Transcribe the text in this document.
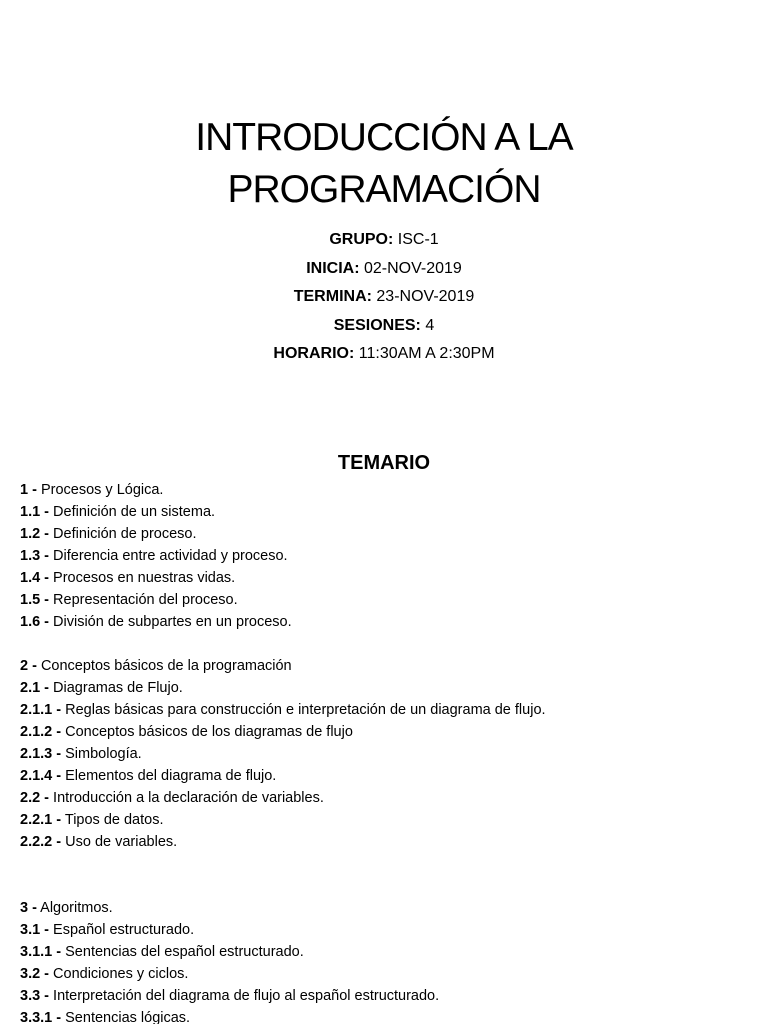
INTRODUCCIÓN A LA
PROGRAMACIÓN
GRUPO: ISC-1
INICIA: 02-NOV-2019
TERMINA: 23-NOV-2019
SESIONES: 4
HORARIO: 11:30AM A 2:30PM
TEMARIO
1 - Procesos y Lógica.
1.1 - Definición de un sistema.
1.2 - Definición de proceso.
1.3 - Diferencia entre actividad y proceso.
1.4 - Procesos en nuestras vidas.
1.5 - Representación del proceso.
1.6 - División de subpartes en un proceso.
2 - Conceptos básicos de la programación
2.1 - Diagramas de Flujo.
2.1.1 - Reglas básicas para construcción e interpretación de un diagrama de flujo.
2.1.2 - Conceptos básicos de los diagramas de flujo
2.1.3 - Simbología.
2.1.4 - Elementos del diagrama de flujo.
2.2 - Introducción a la declaración de variables.
2.2.1 - Tipos de datos.
2.2.2 - Uso de variables.
3 - Algoritmos.
3.1 - Español estructurado.
3.1.1 - Sentencias del español estructurado.
3.2 - Condiciones y ciclos.
3.3 - Interpretación del diagrama de flujo al español estructurado.
3.3.1 - Sentencias lógicas.
